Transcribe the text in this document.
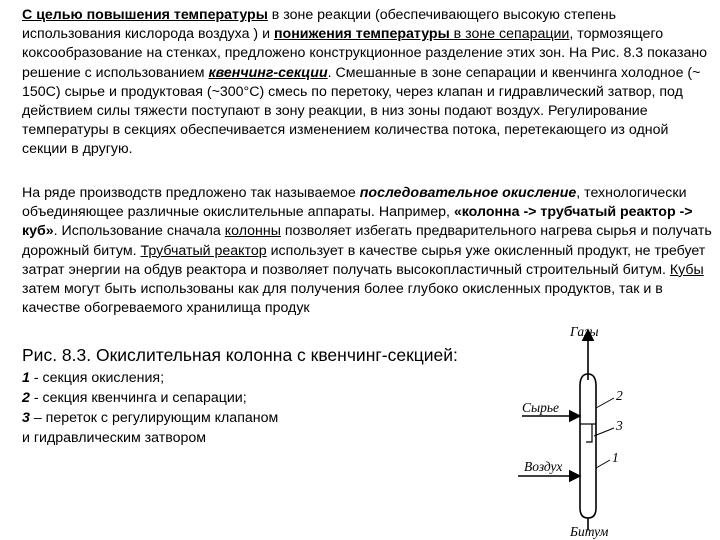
С целью повышения температуры в зоне реакции (обеспечивающего высокую степень использования кислорода воздуха ) и понижения температуры в зоне сепарации, тормозящего коксообразование на стенках, предложено конструкционное разделение этих зон. На Рис. 8.3 показано решение с использованием квенчинг-секции. Смешанные в зоне сепарации и квенчинга холодное (~ 150С) сырье и продуктовая (~300°С) смесь по перетоку, через клапан и гидравлический затвор, под действием силы тяжести поступают в зону реакции, в низ зоны подают воздух. Регулирование температуры в секциях обеспечивается изменением количества потока, перетекающего из одной секции в другую.

На ряде производств предложено так называемое последовательное окисление, технологически объединяющее различные окислительные аппараты. Например, «колонна -> трубчатый реактор -> куб». Использование сначала колонны позволяет избегать предварительного нагрева сырья и получать дорожный битум. Трубчатый реактор использует в качестве сырья уже окисленный продукт, не требует затрат энергии на обдув реактора и позволяет получать высокопластичный строительный битум. Кубы затем могут быть использованы как для получения более глубоко окисленных продуктов, так и в качестве обогреваемого хранилища продук

Рис. 8.3. Окислительная колонна с квенчинг-секцией:
1 - секция окисления;
2 - секция квенчинга и сепарации;
3 – переток с регулирующим клапаном
и гидравлическим затвором
Газы
Сырье
Воздух
Битум
2
3
1
